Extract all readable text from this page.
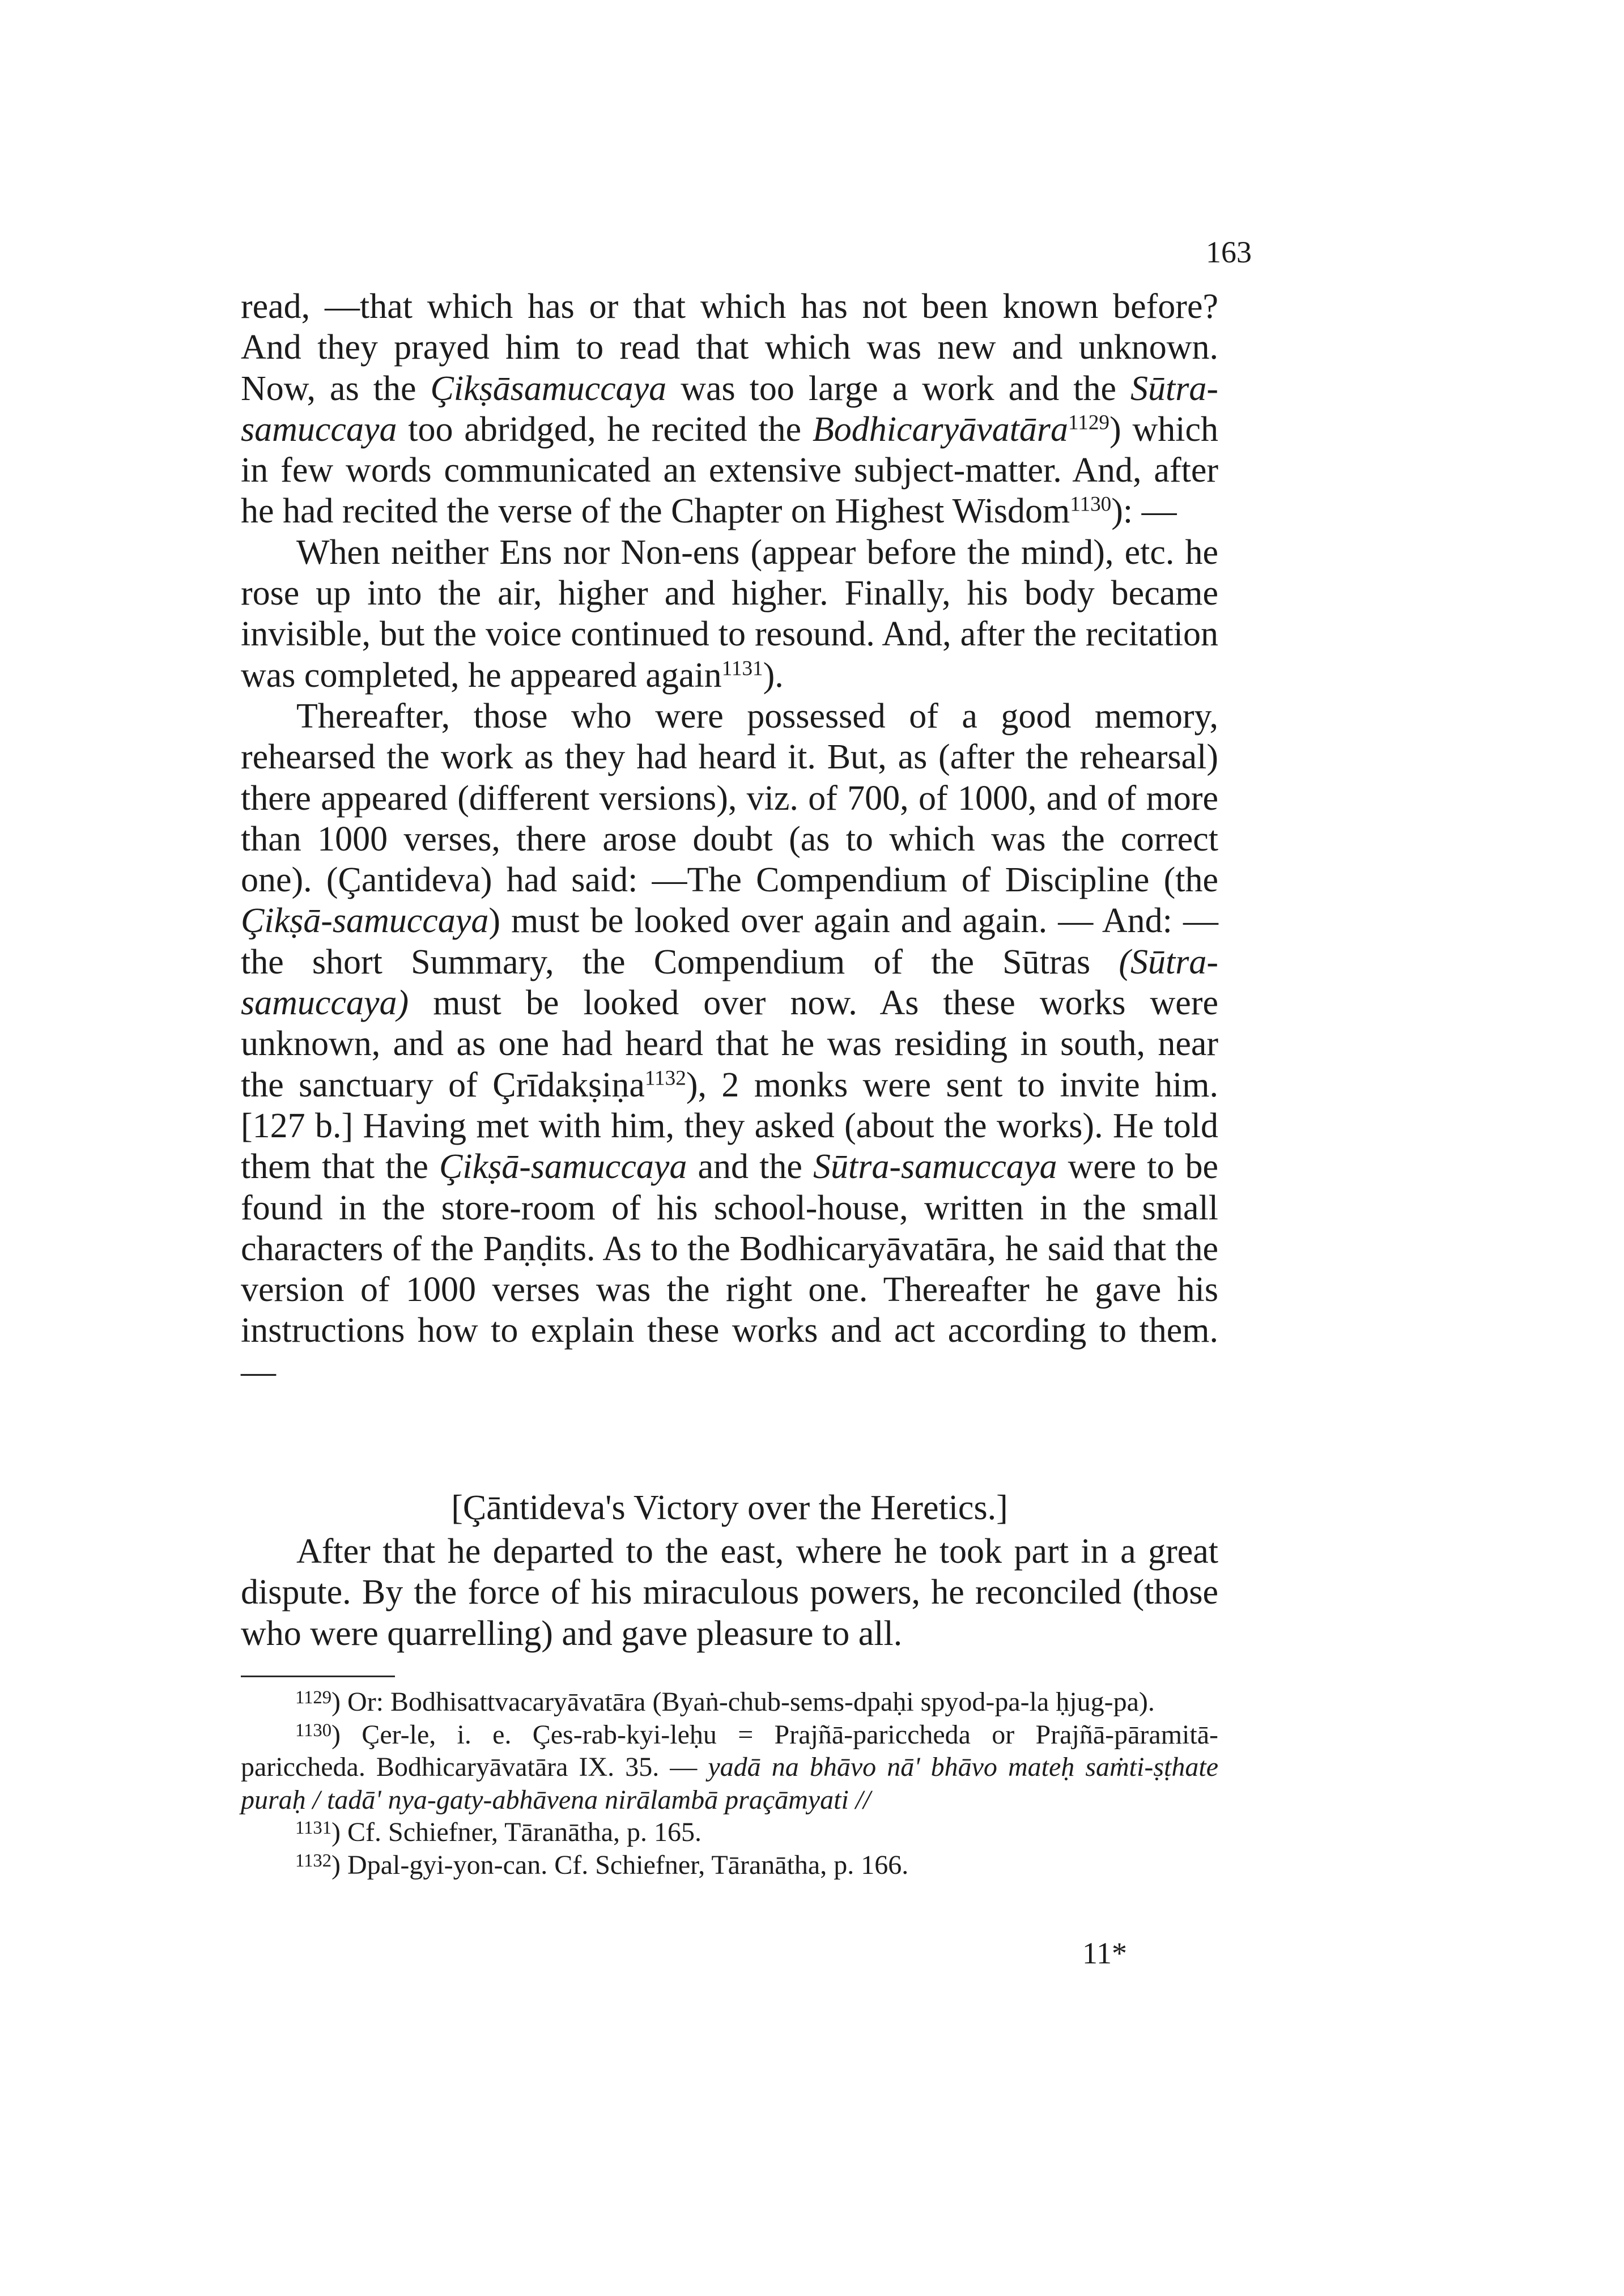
163

read, —that which has or that which has not been known before? And they prayed him to read that which was new and unknown. Now, as the Çikṣāsamuccaya was too large a work and the Sūtra-samuccaya too abridged, he recited the Bodhicaryāvatāra$^{1129}$) which in few words communicated an extensive subject-matter. And, after he had recited the verse of the Chapter on Highest Wisdom$^{1130}$): —

When neither Ens nor Non-ens (appear before the mind), etc. he rose up into the air, higher and higher. Finally, his body became invisible, but the voice continued to resound. And, after the recitation was completed, he appeared again$^{1131}$).

Thereafter, those who were possessed of a good memory, rehearsed the work as they had heard it. But, as (after the rehearsal) there appeared (different versions), viz. of 700, of 1000, and of more than 1000 verses, there arose doubt (as to which was the correct one). (Çantideva) had said: —The Compendium of Discipline (the Çikṣā-samuccaya) must be looked over again and again. — And: —the short Summary, the Compendium of the Sūtras (Sūtra-samuccaya) must be looked over now. As these works were unknown, and as one had heard that he was residing in south, near the sanctuary of Çrīdakṣiṇa$^{1132}$), 2 monks were sent to invite him. [127 b.] Having met with him, they asked (about the works). He told them that the Çikṣā-samuccaya and the Sūtra-samuccaya were to be found in the store-room of his school-house, written in the small characters of the Paṇḍits. As to the Bodhicaryāvatāra, he said that the version of 1000 verses was the right one. Thereafter he gave his instructions how to explain these works and act according to them. —

[Çāntideva's Victory over the Heretics.]
After that he departed to the east, where he took part in a great dispute. By the force of his miraculous powers, he reconciled (those who were quarrelling) and gave pleasure to all.

$^{1129}$) Or: Bodhisattvacaryāvatāra (Byaṅ-chub-sems-dpaḥi spyod-pa-la ḥjug-pa).

$^{1130}$) Çer-le, i. e. Çes-rab-kyi-leḥu = Prajñā-pariccheda or Prajñā-pāramitā-pariccheda. Bodhicaryāvatāra IX. 35. — yadā na bhāvo nā' bhāvo mateḥ saṁti-ṣṭhate puraḥ / tadā' nya-gaty-abhāvena nirālambā praçāmyati //

$^{1131}$) Cf. Schiefner, Tāranātha, p. 165.

$^{1132}$) Dpal-gyi-yon-can. Cf. Schiefner, Tāranātha, p. 166.

11*
